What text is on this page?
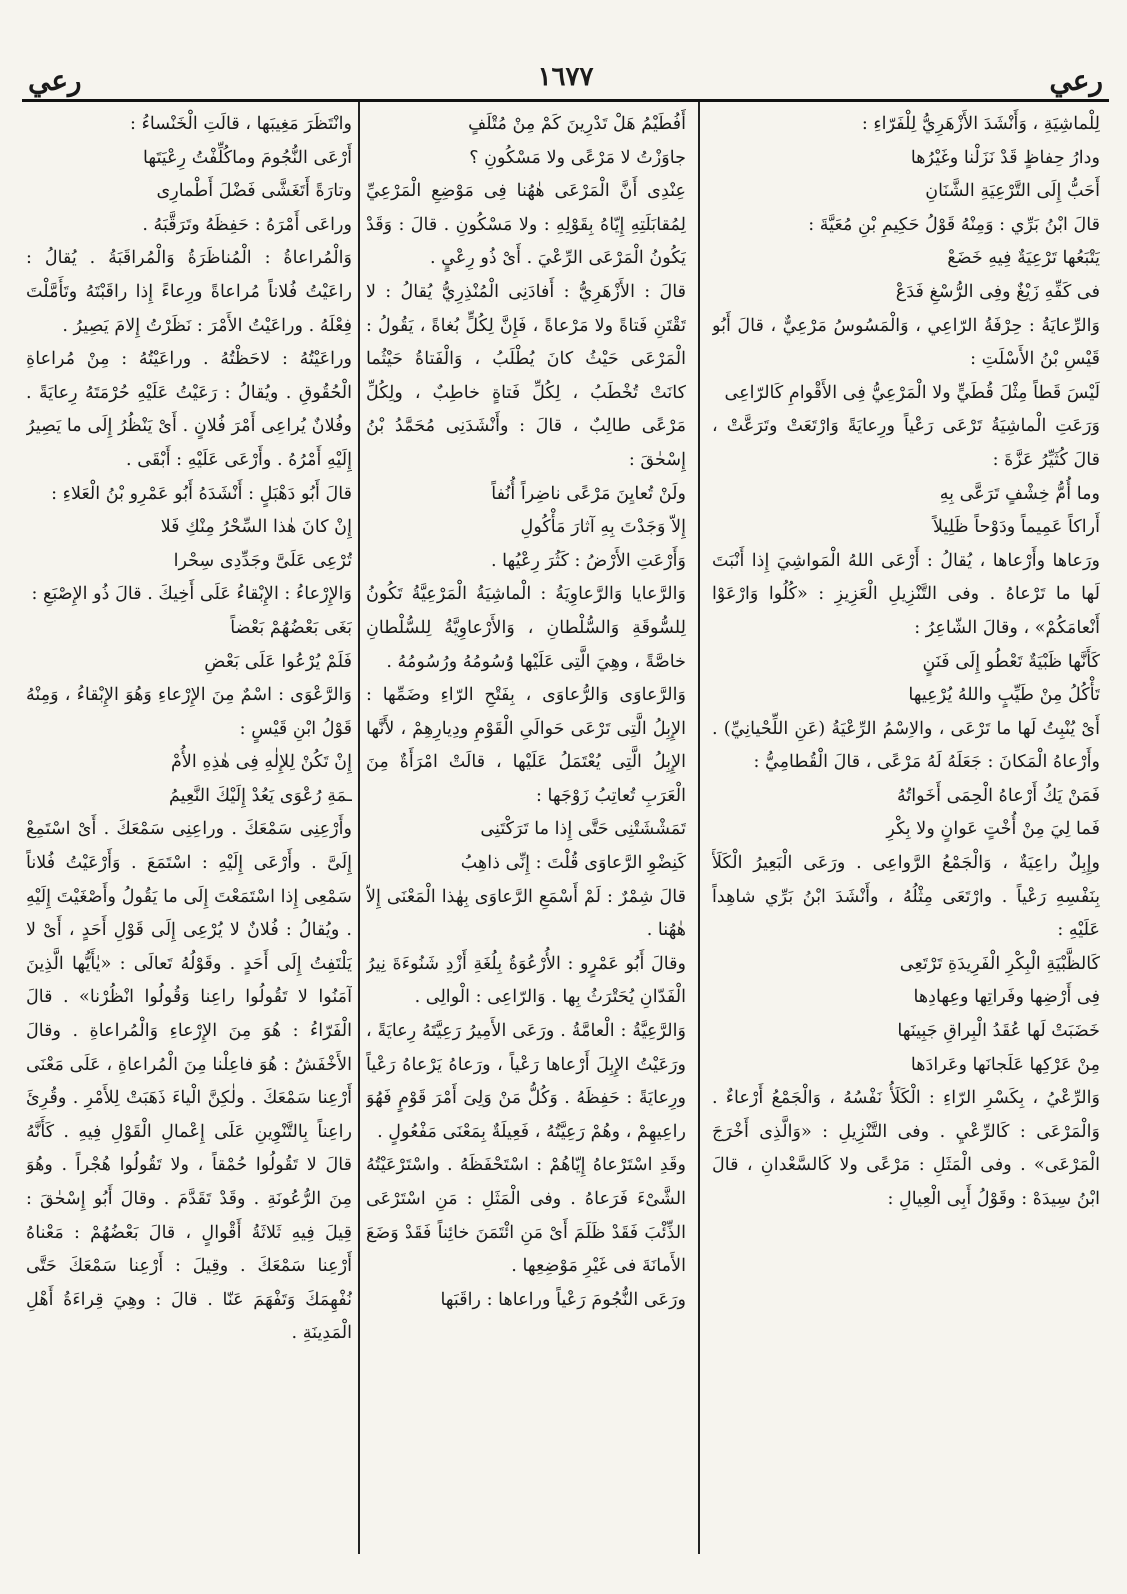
رعي
١٦٧٧
رعي

لِلْماشِيَةِ ، وَأَنْشَدَ الأَزْهَرِيُّ لِلْفَرّاءِ :

ودارُ حِفاظٍ قَدْ نَزَلْنا وغَيْرُها

أَحَبُّ إِلَى التَّرْعِيَةِ الشَّنَانِ

قالَ ابْنُ بَرِّي : وَمِنْهُ قَوْلُ حَكِيمِ بْنِ مُعَيَّةَ :

يَتْبَعُها تَرْعِيَةٌ فِيهِ خَضَعْ

فى كَفِّهِ زَيْغٌ وفِى الرُّسْغِ فَدَعْ

وَالرِّعايَةُ : حِرْفَةُ الرّاعِي ، وَالْمَسُوسُ مَرْعِيٌّ ، قالَ أَبُو قَيْسِ بْنُ الأَسْلَتِ :

لَيْسَ قَطاً مِثْلَ قُطَيٍّ ولا الْمَرْعِيُّ فِى الأَقْوامِ كَالرّاعِى

وَرَعَتِ الْماشِيَةُ تَرْعَى رَعْياً ورِعايَةً وَارْتَعَتْ وتَرَعَّتْ ، قالَ كُثَيِّرُ عَزَّةَ :

وما أُمُّ خِشْفٍ تَرَعَّى بِهِ

أَراكاً عَمِيماً ودَوْحاً ظَلِيلاً

ورَعاها وأَرْعاها ، يُقالُ : أَرْعَى اللهُ الْمَواشِيَ إِذا أَنْبَتَ لَها ما تَرْعاهُ . وفى التَّنْزِيلِ الْعَزِيزِ : «كُلُوا وَارْعَوْا أَنْعامَكُمْ» ، وقالَ الشّاعِرُ :

كَأَنَّها ظَبْيَةٌ تَعْطُو إِلَى فَنَنٍ

تَأْكُلُ مِنْ طَيِّبٍ واللهُ يُرْعِيها

أَىْ يُنْبِتُ لَها ما تَرْعَى ، والاِسْمُ الرِّعْيَةُ (عَنِ اللِّحْيانِيِّ) . وأَرْعاهُ الْمَكانَ : جَعَلَهُ لَهُ مَرْعًى ، قالَ الْقُطامِيُّ :

فَمَنْ يَكُ أَرْعاهُ الْحِمَى أَخَواتُهُ

فَما لِيَ مِنْ أُخْتٍ عَوانٍ ولا بِكْرِ

وإِبِلٌ راعِيَةٌ ، وَالْجَمْعُ الرَّواعِى . ورَعَى الْبَعِيرُ الْكَلَأَ بِنَفْسِهِ رَعْياً . وارْتَعَى مِثْلُهُ ، وأَنْشَدَ ابْنُ بَرِّي شاهِداً عَلَيْهِ :

كَالظَّبْيَةِ الْبِكْرِ الْفَرِيدَةِ تَرْتَعِى

فِى أَرْضِها وفَراتِها وعِهادِها

خَضَبَتْ لَها عُقَدُ الْبِراقِ جَبِينَها

مِنْ عَرْكِها عَلَجانَها وعَرادَها

وَالرِّعْيُ ، بِكَسْرِ الرّاءِ : الْكَلَأُ نَفْسُهُ ، وَالْجَمْعُ أَرْعاءٌ . وَالْمَرْعَى : كَالرِّعْيِ . وفى التَّنْزِيلِ : «وَالَّذِى أَخْرَجَ الْمَرْعَى» . وفى الْمَثَلِ : مَرْعًى ولا كَالسَّعْدانِ ، قالَ ابْنُ سِيدَهْ : وقَوْلُ أَبِى الْعِيالِ :

أَفُطَيْمُ هَلْ تَدْرِينَ كَمْ مِنْ مُتْلَفٍ

جاوَزْتُ لا مَرْعًى ولا مَسْكُونِ ؟

عِنْدِى أَنَّ الْمَرْعَى هٰهُنا فِى مَوْضِعِ الْمَرْعِيِّ لِمُقابَلَتِهِ إِيّاهُ بِقَوْلِهِ : ولا مَسْكُونِ . قالَ : وَقَدْ يَكُونُ الْمَرْعَى الرِّعْيَ . أَىْ ذُو رِعْيٍ .

قالَ : الأَزْهَرِيُّ : أَفادَنِى الْمُنْذِرِيُّ يُقالُ : لا تَقْتَنِ فَتاةً ولا مَرْعاةً ، فَإِنَّ لِكُلٍّ بُغاةً ، يَقُولُ : الْمَرْعَى حَيْثُ كانَ يُطْلَبُ ، وَالْفَتاةُ حَيْثُما كانَتْ تُخْطَبُ ، لِكُلِّ فَتاةٍ خاطِبٌ ، ولِكُلِّ مَرْعًى طالِبٌ ، قالَ : وأَنْشَدَنِى مُحَمَّدُ بْنُ إِسْحٰقَ :

ولَنْ تُعايِنَ مَرْعًى ناضِراً أُنُفاً

إِلاّ وَجَدْتَ بِهِ آثارَ مَأْكُولِ

وَأَرْعَتِ الأَرْضُ : كَثُرَ رِعْيُها .

وَالرَّعايا وَالرَّعاوِيَةُ : الْماشِيَةُ الْمَرْعِيَّةُ تَكُونُ لِلسُّوقَةِ وَالسُّلْطانِ ، وَالأَرْعاوِيَّةُ لِلسُّلْطانِ خاصَّةً ، وهِيَ الَّتِى عَلَيْها وُسُومُهُ ورُسُومُهُ .

وَالرَّعاوَى وَالرُّعاوَى ، بِفَتْحِ الرّاءِ وضَمِّها : الإِبِلُ الَّتِى تَرْعَى حَوالَىِ الْقَوْمِ ودِيارِهِمْ ، لأَنَّها الإِبِلُ الَّتِى يُعْتَمَلُ عَلَيْها ، قالَتْ امْرَأَةٌ مِنَ الْعَرَبِ تُعاتِبُ زَوْجَها :

تَمَشْشَتْنِى حَتَّى إِذا ما تَرَكْتَنِى

كَنِضْوِ الرَّعاوَى قُلْتَ : إِنِّى ذاهِبُ

قالَ شِمْرٌ : لَمْ أَسْمَعِ الرَّعاوَى بِهٰذا الْمَعْنَى إِلاّ هٰهُنا .

وقالَ أَبُو عَمْرٍو : الأُرْعُوَةُ بِلُغَةِ أَزْدِ شَنُوءَةَ نِيرُ الْفَدّانِ يُحَتْرَثُ بِها . وَالرّاعِى : الْوالِى .

وَالرَّعِيَّةُ : الْعامَّةُ . ورَعَى الأَمِيرُ رَعِيَّتَهُ رِعايَةً ، ورَعَيْتُ الإِبِلَ أَرْعاها رَعْياً ، ورَعاهُ يَرْعاهُ رَعْياً ورِعايَةً : حَفِظَهُ . وَكُلُّ مَنْ وَلِىَ أَمْرَ قَوْمٍ فَهُوَ راعِيهِمْ ، وهُمْ رَعِيَّتُهُ ، فَعِيلَةٌ بِمَعْنَى مَفْعُولٍ .

وقَدِ اسْتَرْعاهُ إِيّاهُمْ : اسْتَحْفَظَهُ . واسْتَرْعَيْتُهُ الشَّىْءَ فَرَعاهُ . وفى الْمَثَلِ : مَنِ اسْتَرْعَى الذِّئْبَ فَقَدْ ظَلَمَ أَىْ مَنِ ائْتَمَنَ خائِناً فَقَدْ وَضَعَ الأَمانَةَ فى غَيْرِ مَوْضِعِها .

ورَعَى النُّجُومَ رَعْياً وراعاها : راقَبَها

وانْتَظَرَ مَغِيبَها ، قالَتِ الْخَنْساءُ :

أَرْعَى النُّجُومَ وماكُلِّفْتُ رِعْيَتَها

وتارَةً أَتَغَشَّى فَضْلَ أَطْمارِى

وراعَى أَمْرَهُ : حَفِظَهُ وتَرَقَّبَهُ .

وَالْمُراعاةُ : الْمُناظَرَةُ وَالْمُراقَبَةُ . يُقالُ : راعَيْتُ فُلاناً مُراعاةً ورِعاءً إِذا راقَبْتَهُ وتَأَمَّلْتَ فِعْلَهُ . وراعَيْتُ الأَمْرَ : نَظَرْتُ إِلامَ يَصِيرُ .

وراعَيْتُهُ : لاحَظْتُهُ . وراعَيْتُهُ : مِنْ مُراعاةِ الْحُقُوقِ . ويُقالُ : رَعَيْتُ عَلَيْهِ حُرْمَتَهُ رِعايَةً . وفُلانٌ يُراعِى أَمْرَ فُلانٍ . أَىْ يَنْظُرُ إِلَى ما يَصِيرُ إِلَيْهِ أَمْرُهُ . وأَرْعَى عَلَيْهِ : أَبْقَى .

قالَ أَبُو دَهْبَلٍ : أَنْشَدَهُ أَبُو عَمْرِو بْنُ الْعَلاءِ :

إِنْ كانَ هٰذا السِّحْرُ مِنْكِ فَلا

تُرْعِى عَلَىَّ وجَدِّدِى سِحْرا

وَالإِرْعاءُ : الإِبْقاءُ عَلَى أَخِيكَ . قالَ ذُو الإِصْبَعِ :

بَغَى بَعْضُهُمْ بَعْضاً

فَلَمْ يُرْعُوا عَلَى بَعْضِ

وَالرَّعْوَى : اسْمٌ مِنَ الإِرْعاءِ وَهُوَ الإِبْقاءُ ، وَمِنْهُ قَوْلُ ابْنِ قَيْسٍ :

إِنْ تَكُنْ لِلإِلٰهِ فِى هٰذِهِ الأُمْ

ـمَةِ رُعْوَى يَعُدْ إِلَيْكَ النَّعِيمُ

وأَرْعِنِى سَمْعَكَ . وراعِنِى سَمْعَكَ . أَىْ اسْتَمِعْ إِلَىَّ . وأَرْعَى إِلَيْهِ : اسْتَمَعَ . وَأَرْعَيْتُ فُلاناً سَمْعِى إِذا اسْتَمَعْتَ إِلَى ما يَقُولُ وأَصْغَيْتَ إِلَيْهِ . ويُقالُ : فُلانٌ لا يُرْعِى إِلَى قَوْلِ أَحَدٍ ، أَىْ لا يَلْتَفِتُ إِلَى أَحَدٍ . وقَوْلُهُ تَعالَى : «يٰأَيُّها الَّذِينَ آمَنُوا لا تَقُولُوا راعِنا وَقُولُوا انْظُرْنا» . قالَ الْفَرّاءُ : هُوَ مِنَ الإِرْعاءِ وَالْمُراعاةِ . وقالَ الأَخْفَشُ : هُوَ فاعِلْنا مِنَ الْمُراعاةِ ، عَلَى مَعْنَى أَرْعِنا سَمْعَكَ . ولٰكِنَّ الْياءَ ذَهَبَتْ لِلأَمْرِ . وقُرِئَ راعِناً بِالتَّنْوِينِ عَلَى إِعْمالِ الْقَوْلِ فِيهِ . كَأَنَّهُ قالَ لا تَقُولُوا حُمْقاً ، ولا تَقُولُوا هُجْراً . وهُوَ مِنَ الرُّعُونَةِ . وقَدْ تَقَدَّمَ . وقالَ أَبُو إِسْحٰقَ : قِيلَ فِيهِ ثَلاثَةُ أَقْوالٍ ، قالَ بَعْضُهُمْ : مَعْناهُ أَرْعِنا سَمْعَكَ . وقِيلَ : أَرْعِنا سَمْعَكَ حَتَّى نُفْهِمَكَ وَتَفْهَمَ عَنّا . قالَ : وهِيَ قِراءَةُ أَهْلِ الْمَدِينَةِ .
